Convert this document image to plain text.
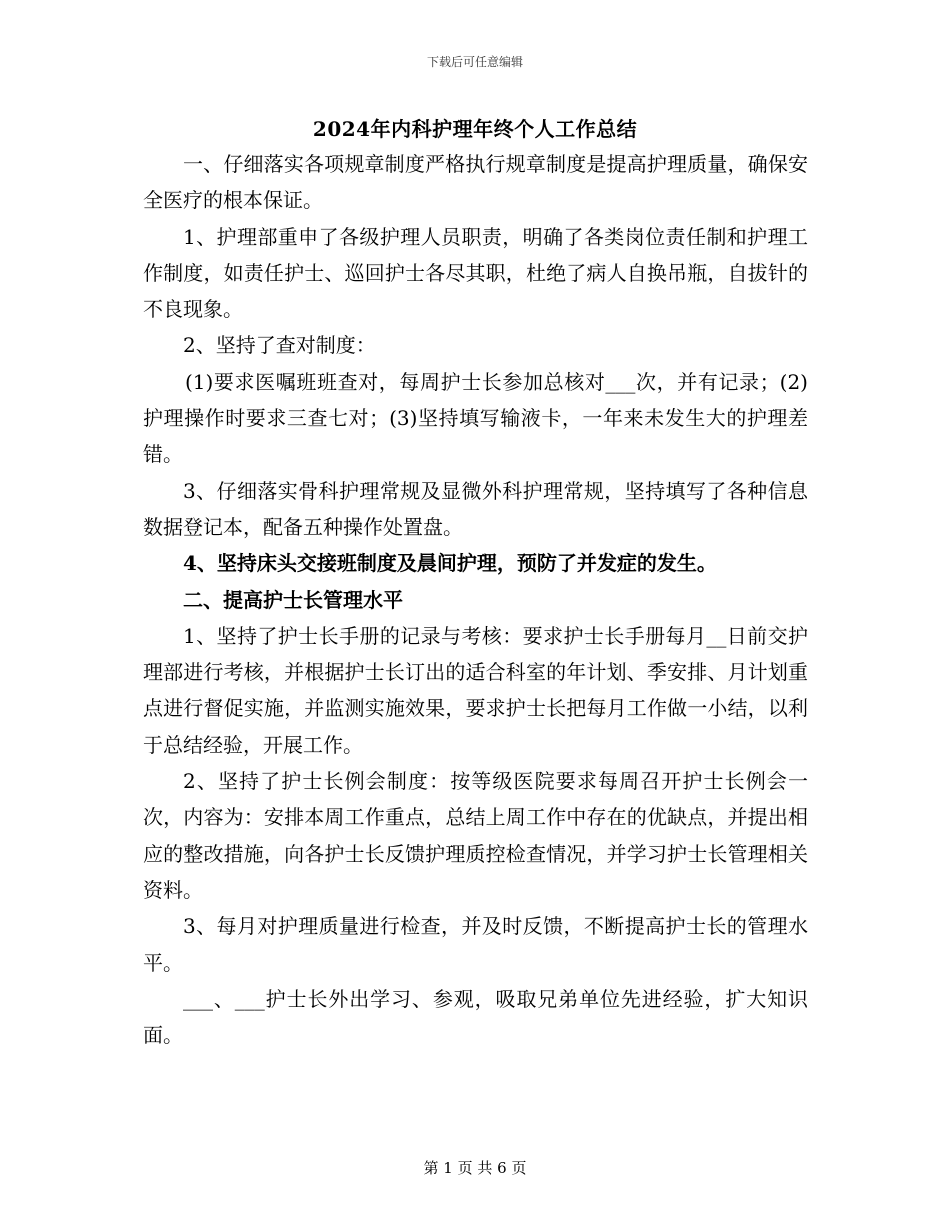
下载后可任意编辑
2024年内科护理年终个人工作总结

一、仔细落实各项规章制度严格执行规章制度是提高护理质量，确保安全医疗的根本保证。

1、护理部重申了各级护理人员职责，明确了各类岗位责任制和护理工作制度，如责任护士、巡回护士各尽其职，杜绝了病人自换吊瓶，自拔针的不良现象。

2、坚持了查对制度：

(1)要求医嘱班班查对，每周护士长参加总核对___次，并有记录；(2)护理操作时要求三查七对；(3)坚持填写输液卡，一年来未发生大的护理差错。

3、仔细落实骨科护理常规及显微外科护理常规，坚持填写了各种信息数据登记本，配备五种操作处置盘。

4、坚持床头交接班制度及晨间护理，预防了并发症的发生。

二、提高护士长管理水平

1、坚持了护士长手册的记录与考核：要求护士长手册每月__日前交护理部进行考核，并根据护士长订出的适合科室的年计划、季安排、月计划重点进行督促实施，并监测实施效果，要求护士长把每月工作做一小结，以利于总结经验，开展工作。

2、坚持了护士长例会制度：按等级医院要求每周召开护士长例会一次，内容为：安排本周工作重点，总结上周工作中存在的优缺点，并提出相应的整改措施，向各护士长反馈护理质控检查情况，并学习护士长管理相关资料。

3、每月对护理质量进行检查，并及时反馈，不断提高护士长的管理水平。

___、___护士长外出学习、参观，吸取兄弟单位先进经验，扩大知识面。

第 1 页 共 6 页
